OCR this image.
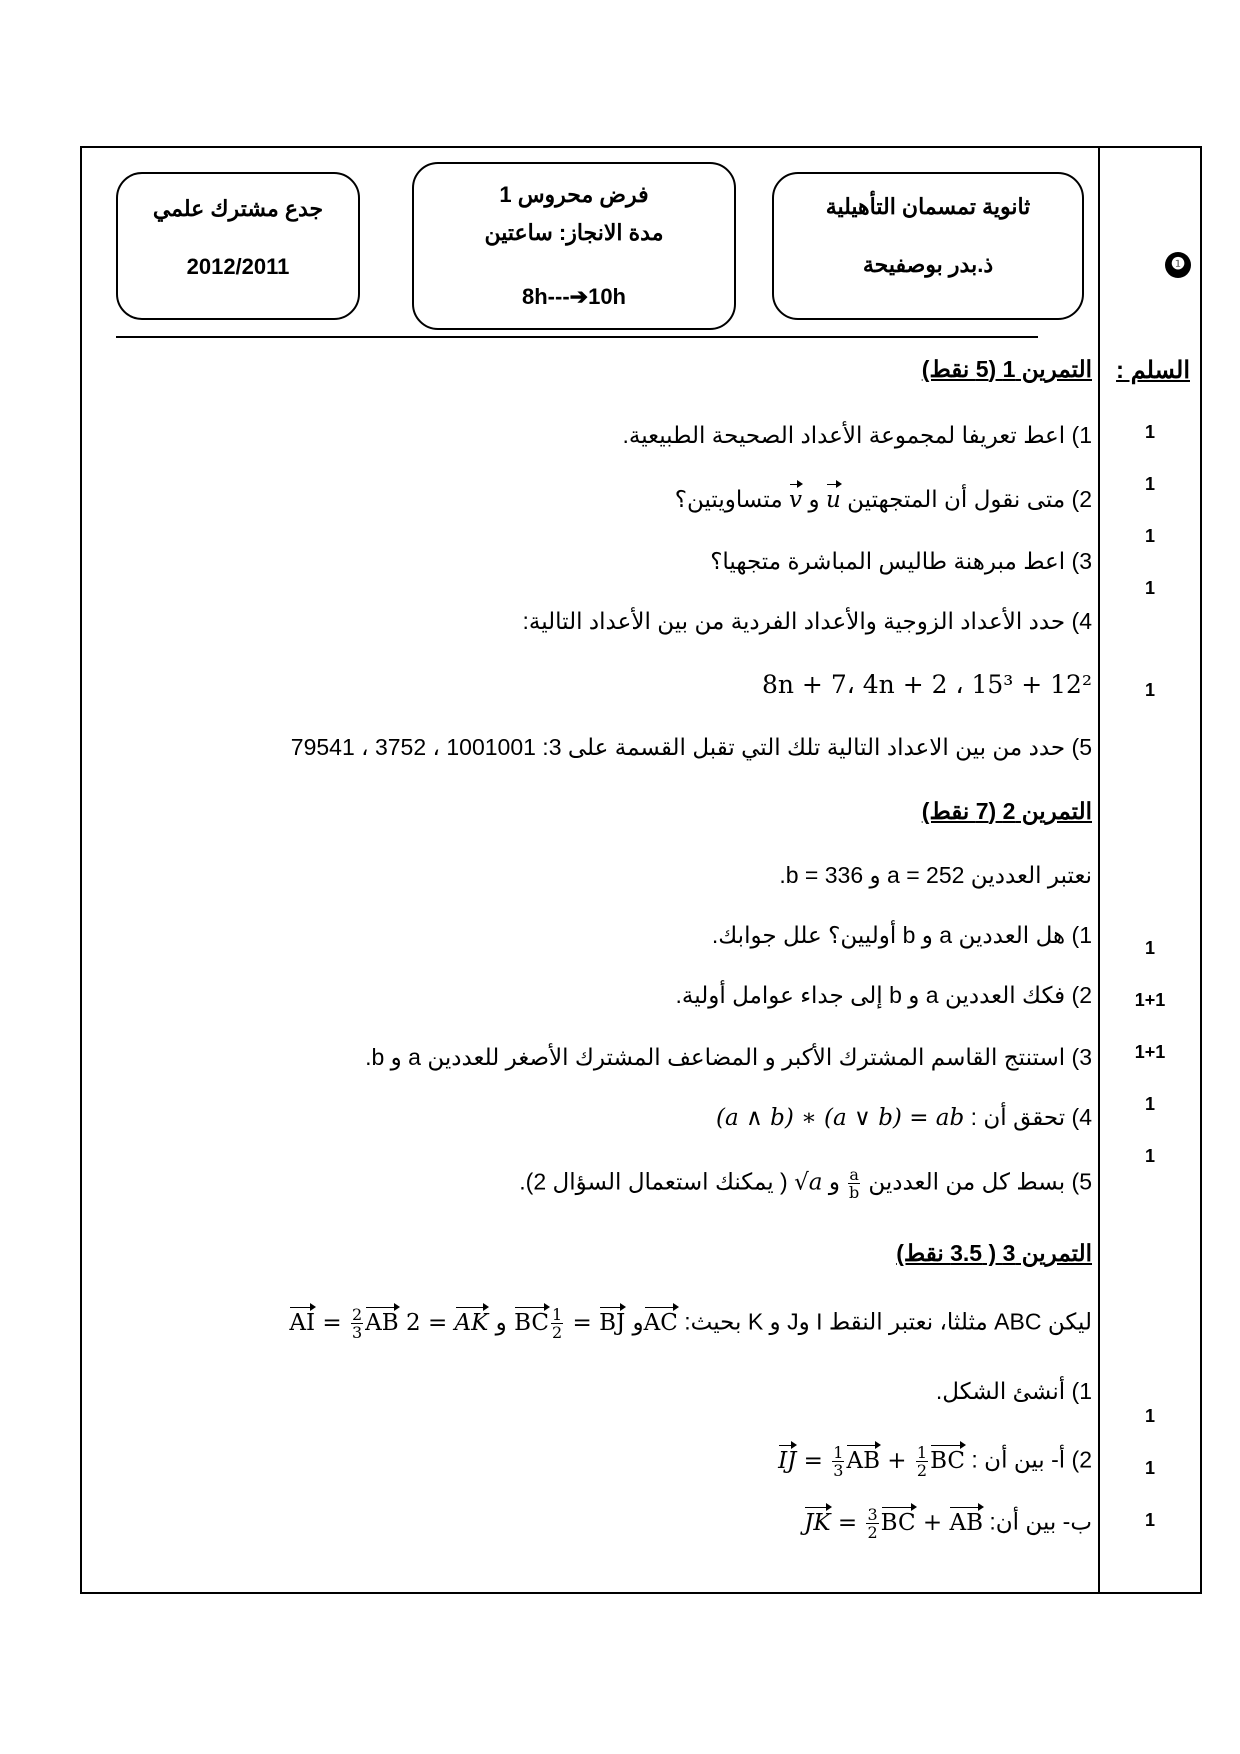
جدع مشترك علمي
2012/2011
فرض محروس 1
مدة الانجاز: ساعتين
8h---➔10h
ثانوية تمسمان التأهيلية
ذ.بدر بوصفيحة	❶
السلم :
التمرين 1 (5 نقط)
1) اعط تعريفا لمجموعة الأعداد الصحيحة الطبيعية.
2) متى نقول أن المتجهتين u و v متساويتين؟
3) اعط مبرهنة طاليس المباشرة متجهيا؟
4) حدد الأعداد الزوجية والأعداد الفردية من بين الأعداد التالية:
12² + 15³ ، 8n + 7، 4n + 2
5) حدد من بين الاعداد التالية تلك التي تقبل القسمة على 3: 1001001 ، 3752 ، 79541
التمرين 2 (7 نقط)
نعتبر العددين a = 252 و b = 336.
1) هل العددين a و b أوليين؟ علل جوابك.
2) فكك العددين a و b إلى جداء عوامل أولية.
3) استنتج القاسم المشترك الأكبر و المضاعف المشترك الأصغر للعددين a و b.
4) تحقق أن : (a ∧ b) ∗ (a ∨ b) = ab
5) بسط كل من العددين
$\frac{a}{b}$
و √a ( يمكنك استعمال السؤال 2).
التمرين 3 ( 3.5 نقط)
ليكن ABC مثلثا، نعتبر النقط I وJ و K بحيث: AI = $\frac{2}{3}$ AB و BJ =
$\frac{1}{2}$
BC و AK = 2	AC
1) أنشئ الشكل.
2) أ- بين أن : IJ = $\frac{1}{3}$ AB + $\frac{1}{2}$ BC
ب- بين أن: JK = $\frac{3}{2}$ BC + AB
1
1
1
1
1
1
1+1
1+1
1
1
1
1
1
